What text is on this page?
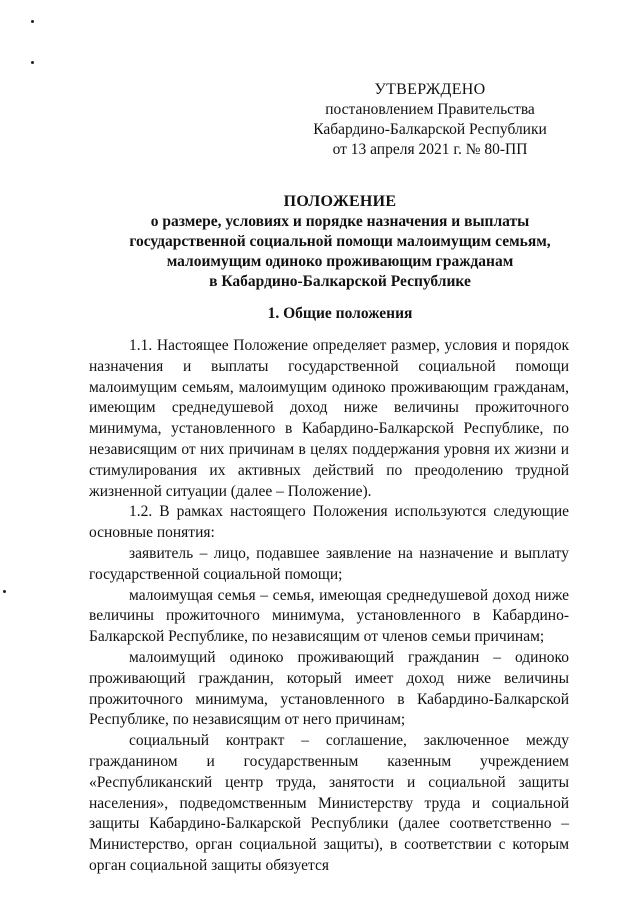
УТВЕРЖДЕНО
постановлением Правительства
Кабардино-Балкарской Республики
от 13 апреля 2021 г. № 80-ПП
ПОЛОЖЕНИЕ
о размере, условиях и порядке назначения и выплаты
государственной социальной помощи малоимущим семьям,
малоимущим одиноко проживающим гражданам
в Кабардино-Балкарской Республике
1. Общие положения

1.1. Настоящее Положение определяет размер, условия и порядок назначения и выплаты государственной социальной помощи малоимущим семьям, малоимущим одиноко проживающим гражданам, имеющим среднедушевой доход ниже величины прожиточного минимума, установленного в Кабардино-Балкарской Республике, по независящим от них причинам в целях поддержания уровня их жизни и стимулирования их активных действий по преодолению трудной жизненной ситуации (далее – Положение).

1.2. В рамках настоящего Положения используются следующие основные понятия:

заявитель – лицо, подавшее заявление на назначение и выплату государственной социальной помощи;

малоимущая семья – семья, имеющая среднедушевой доход ниже величины прожиточного минимума, установленного в Кабардино-Балкарской Республике, по независящим от членов семьи причинам;

малоимущий одиноко проживающий гражданин – одиноко проживающий гражданин, который имеет доход ниже величины прожиточного минимума, установленного в Кабардино-Балкарской Республике, по независящим от него причинам;

социальный контракт – соглашение, заключенное между гражданином и государственным казенным учреждением «Республиканский центр труда, занятости и социальной защиты населения», подведомственным Министерству труда и социальной защиты Кабардино-Балкарской Республики (далее соответственно – Министерство, орган социальной защиты), в соответствии с которым орган социальной защиты обязуется
